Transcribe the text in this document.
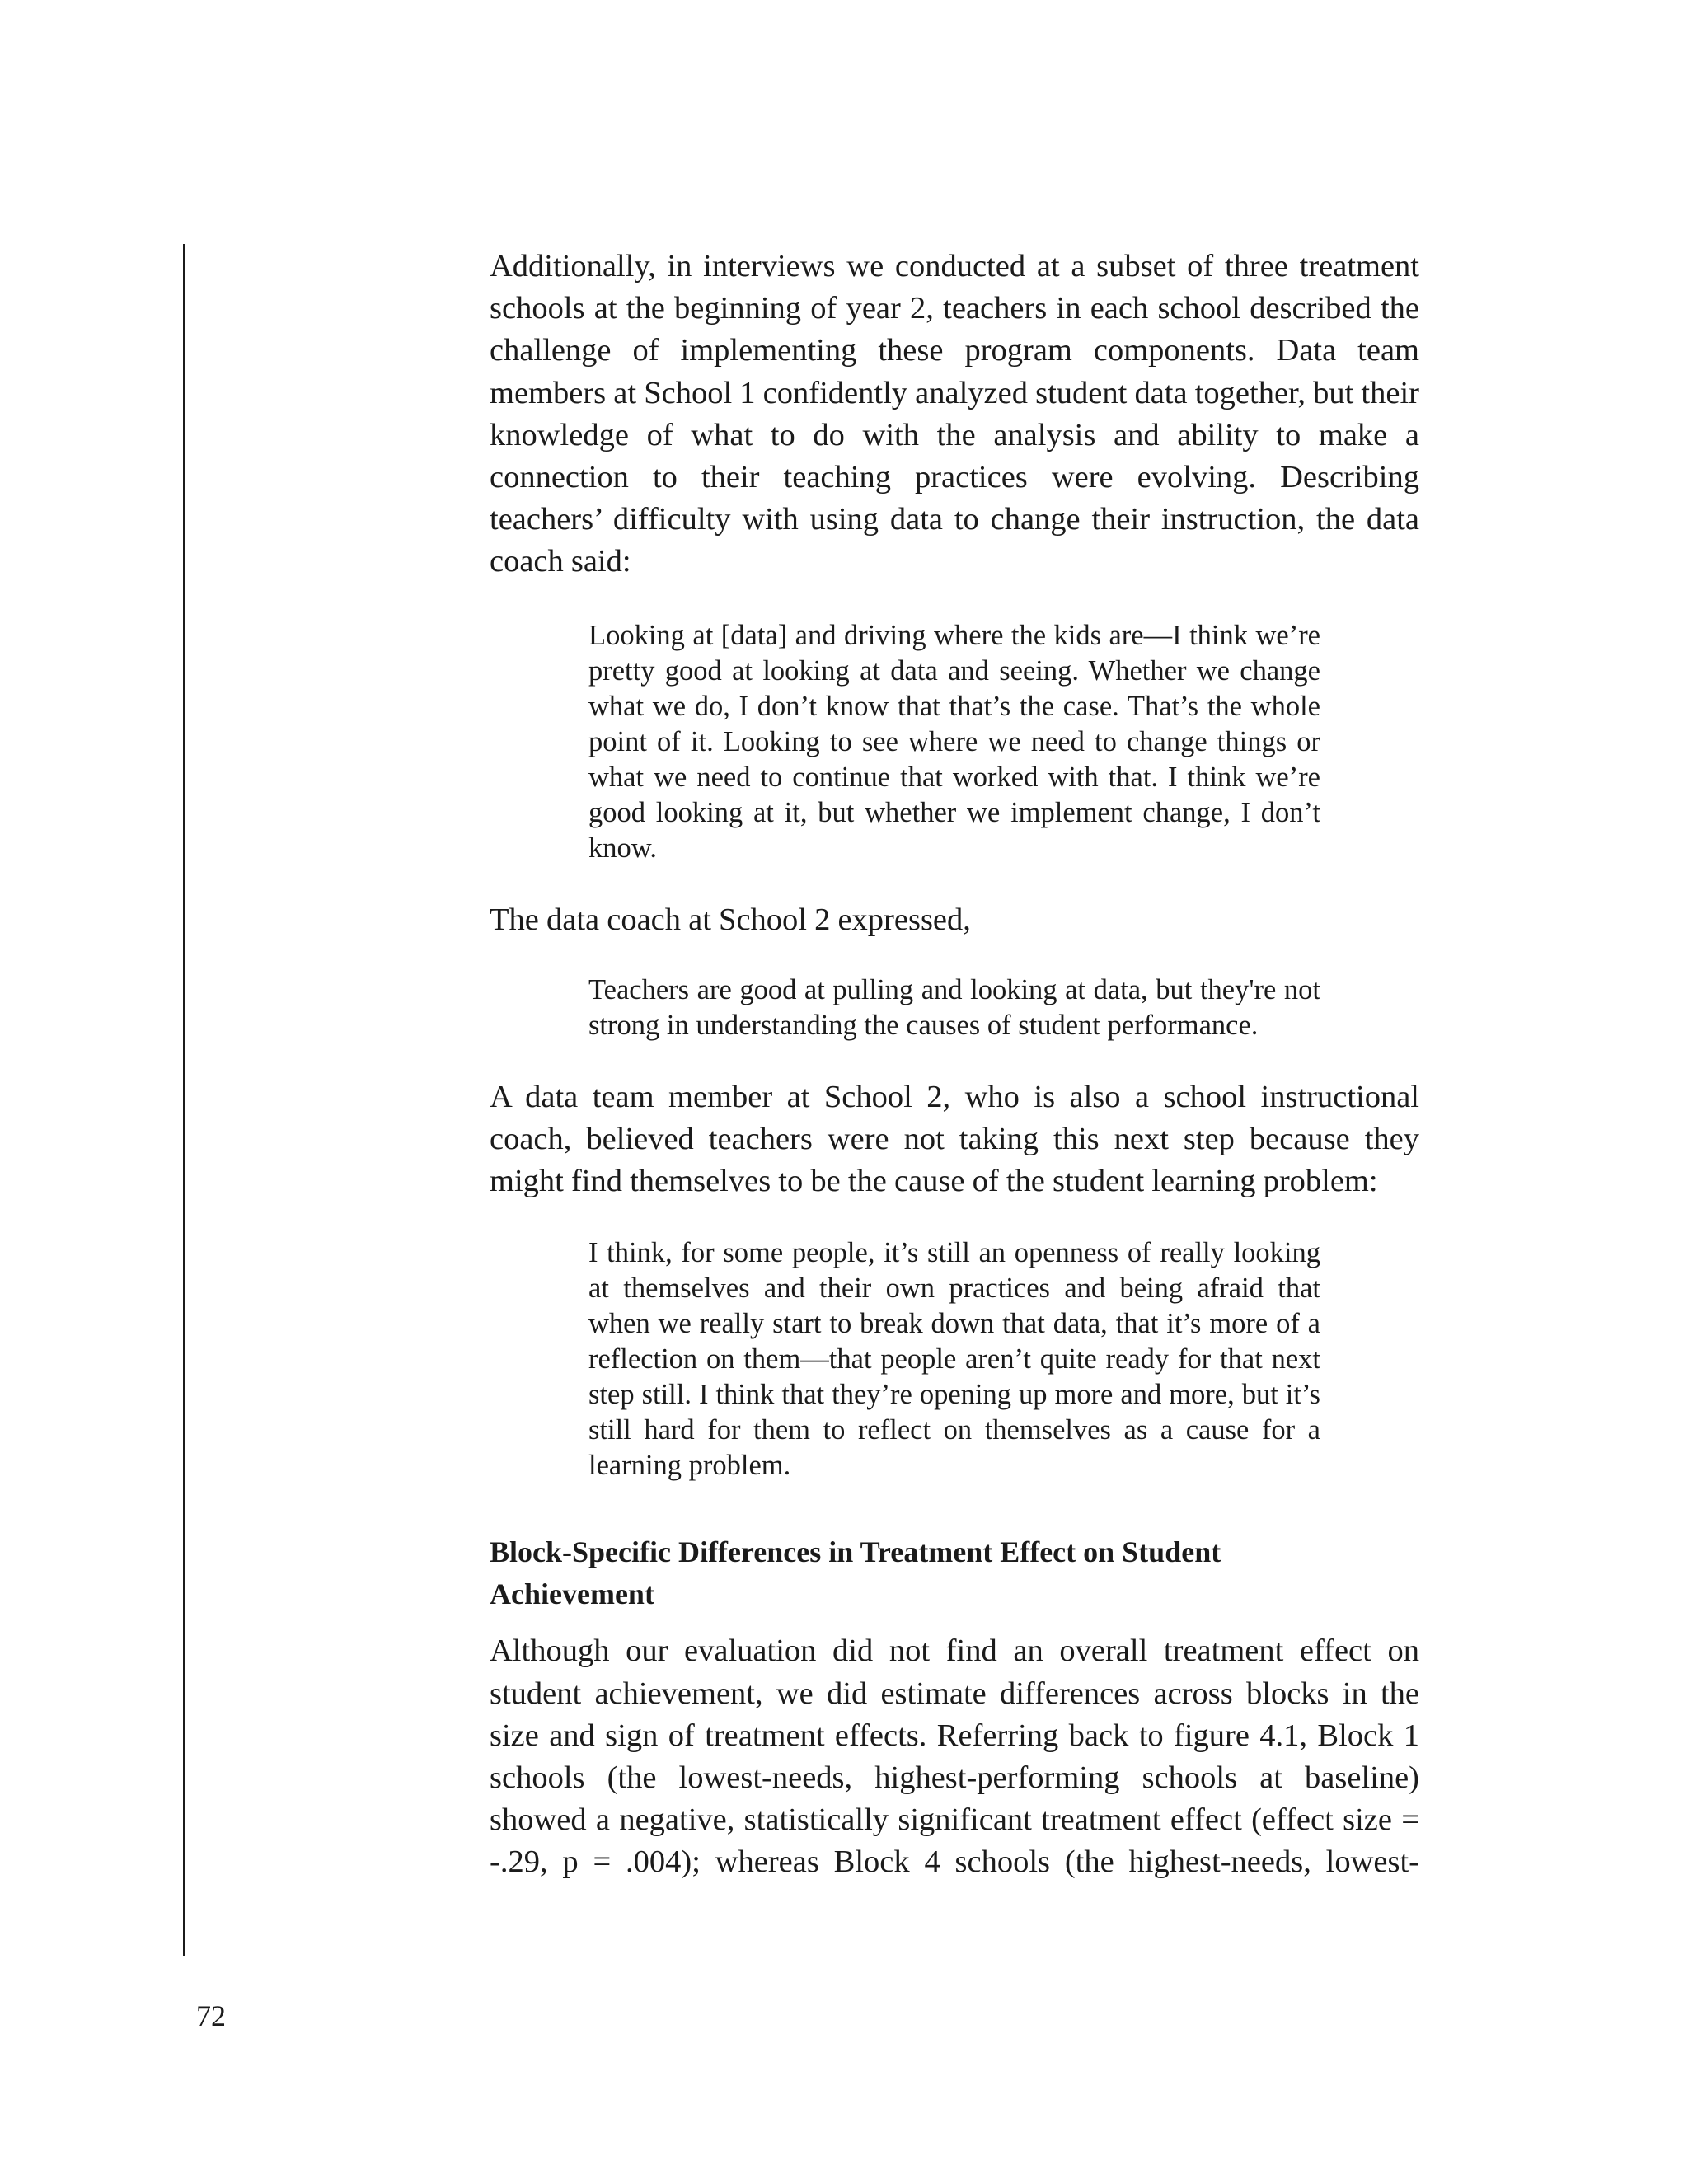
Additionally, in interviews we conducted at a subset of three treatment schools at the beginning of year 2, teachers in each school described the challenge of implementing these program components. Data team members at School 1 confidently analyzed student data together, but their knowledge of what to do with the analysis and ability to make a connection to their teaching practices were evolving. Describing teachers’ difficulty with using data to change their instruction, the data coach said:

Looking at [data] and driving where the kids are—I think we’re pretty good at looking at data and seeing. Whether we change what we do, I don’t know that that’s the case. That’s the whole point of it. Looking to see where we need to change things or what we need to continue that worked with that. I think we’re good looking at it, but whether we implement change, I don’t know.

The data coach at School 2 expressed,

Teachers are good at pulling and looking at data, but they're not strong in understanding the causes of student performance.

A data team member at School 2, who is also a school instructional coach, believed teachers were not taking this next step because they might find themselves to be the cause of the student learning problem:

I think, for some people, it’s still an openness of really looking at themselves and their own practices and being afraid that when we really start to break down that data, that it’s more of a reflection on them—that people aren’t quite ready for that next step still. I think that they’re opening up more and more, but it’s still hard for them to reflect on themselves as a cause for a learning problem.

Block-Specific Differences in Treatment Effect on Student Achievement

Although our evaluation did not find an overall treatment effect on student achievement, we did estimate differences across blocks in the size and sign of treatment effects. Referring back to figure 4.1, Block 1 schools (the lowest-needs, highest-performing schools at baseline) showed a negative, statistically significant treatment effect (effect size = -.29, p = .004); whereas Block 4 schools (the highest-needs, lowest-

72
